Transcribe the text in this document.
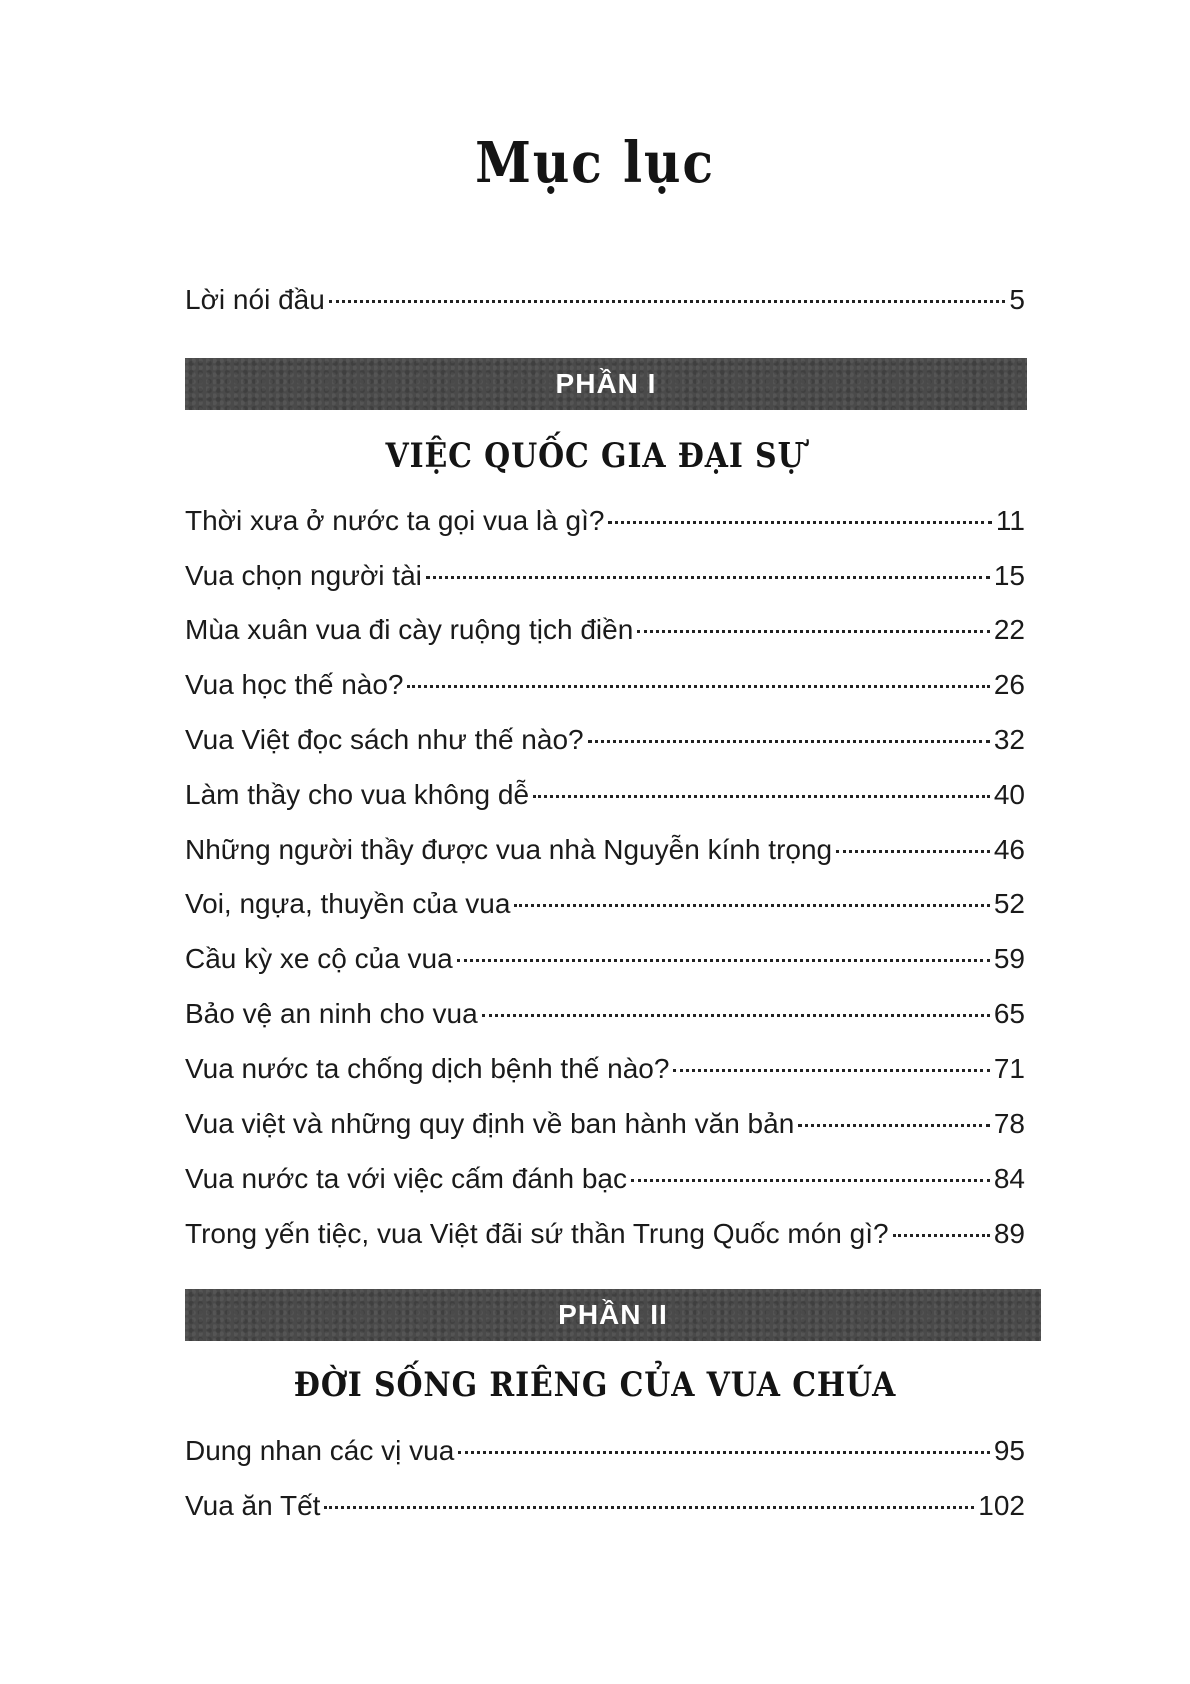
Mục lục
Lời nói đầu	5
PHẦN I
VIỆC QUỐC GIA ĐẠI SỰ
Thời xưa ở nước ta gọi vua là gì?	11
Vua chọn người tài	15
Mùa xuân vua đi cày ruộng tịch điền	22
Vua học thế nào?	26
Vua Việt đọc sách như thế nào?	32
Làm thầy cho vua không dễ	40
Những người thầy được vua nhà Nguyễn kính trọng	46
Voi, ngựa, thuyền của vua	52
Cầu kỳ xe cộ của vua	59
Bảo vệ an ninh cho vua	65
Vua nước ta chống dịch bệnh thế nào?	71
Vua việt và những quy định về ban hành văn bản	78
Vua nước ta với việc cấm đánh bạc	84
Trong yến tiệc, vua Việt đãi sứ thần Trung Quốc món gì?	89
PHẦN II
ĐỜI SỐNG RIÊNG CỦA VUA CHÚA
Dung nhan các vị vua	95
Vua ăn Tết	102
